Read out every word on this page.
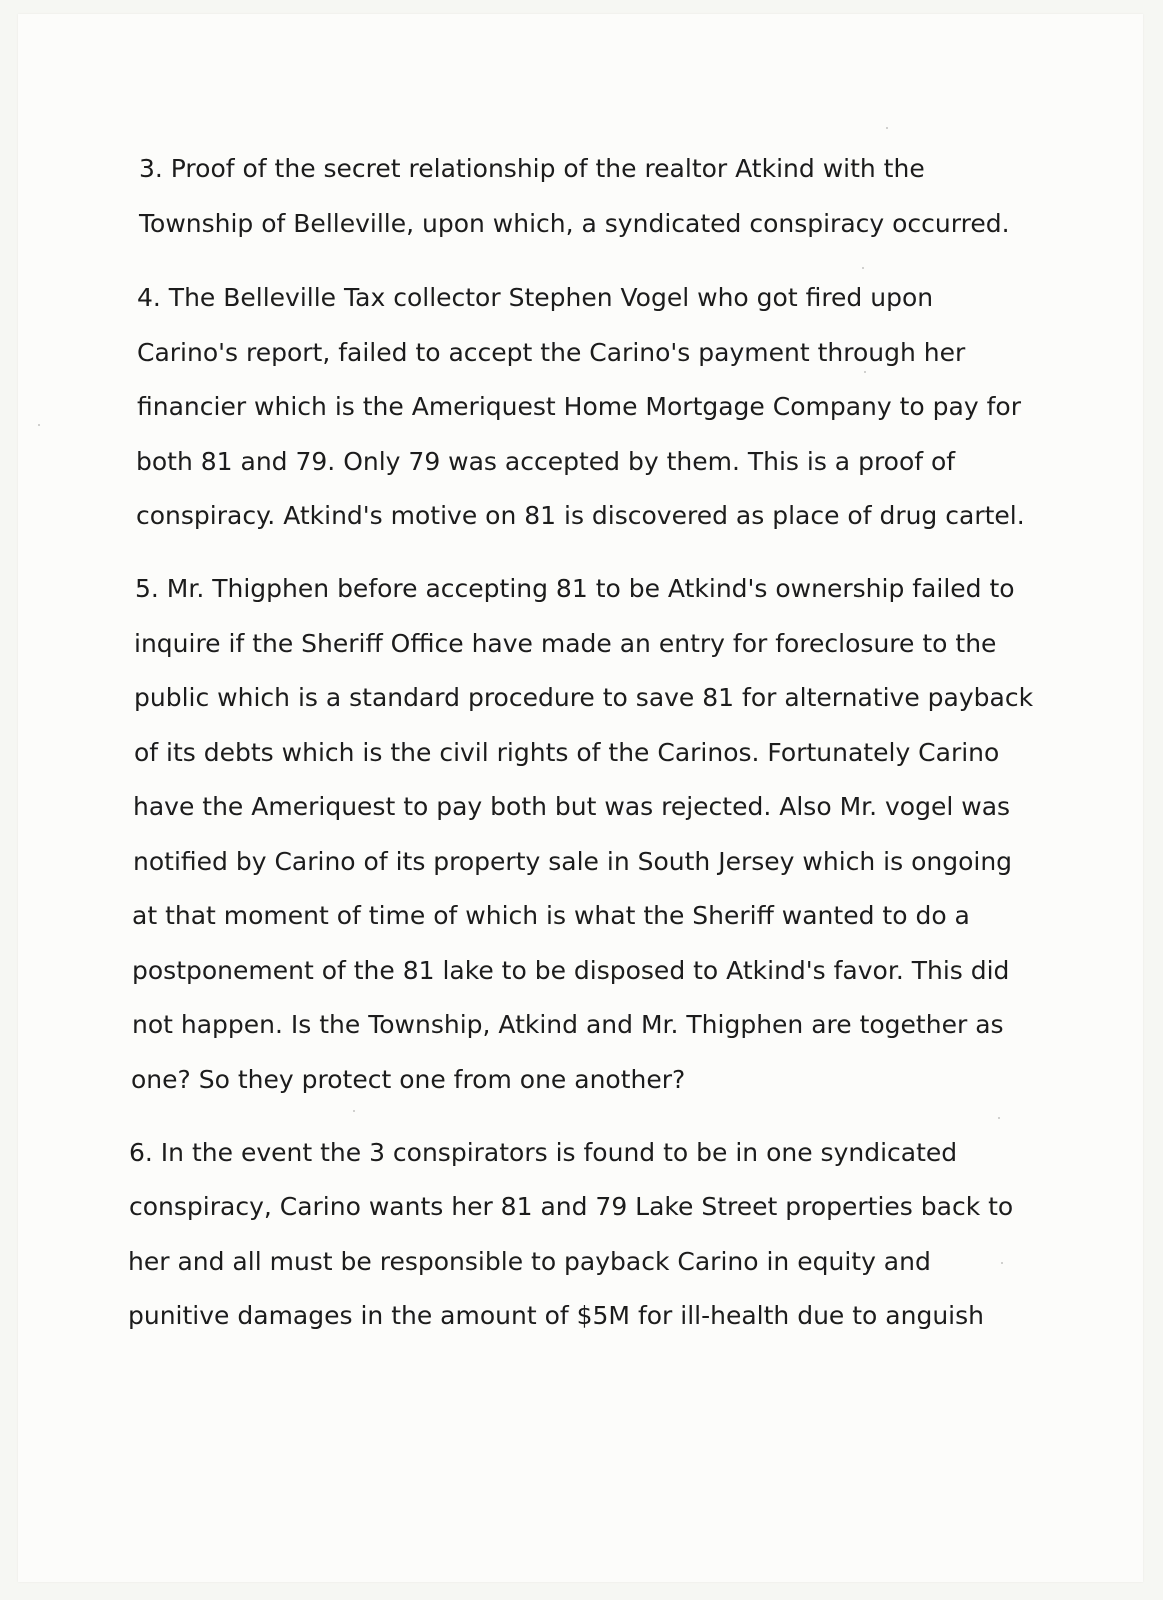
3. Proof of the secret relationship of the realtor Atkind with the

Township of Belleville, upon which, a syndicated conspiracy occurred.

4. The Belleville Tax collector Stephen Vogel who got fired upon

Carino's report, failed to accept the Carino's payment through her

financier which is the Ameriquest Home Mortgage Company to pay for

both 81 and 79. Only 79 was accepted by them. This is a proof of

conspiracy. Atkind's motive on 81 is discovered as place of drug cartel.

5. Mr. Thigphen before accepting 81 to be Atkind's ownership failed to

inquire if the Sheriff Office have made an entry for foreclosure to the

public which is a standard procedure to save 81 for alternative payback

of its debts which is the civil rights of the Carinos. Fortunately Carino

have the Ameriquest to pay both but was rejected. Also Mr. vogel was

notified by Carino of its property sale in South Jersey which is ongoing

at that moment of time of which is what the Sheriff wanted to do a

postponement of the 81 lake to be disposed to Atkind's favor. This did

not happen. Is the Township, Atkind and Mr. Thigphen are together as

one? So they protect one from one another?

6. In the event the 3 conspirators is found to be in one syndicated

conspiracy, Carino wants her 81 and 79 Lake Street properties back to

her and all must be responsible to payback Carino in equity and

punitive damages in the amount of $5M for ill-health due to anguish
